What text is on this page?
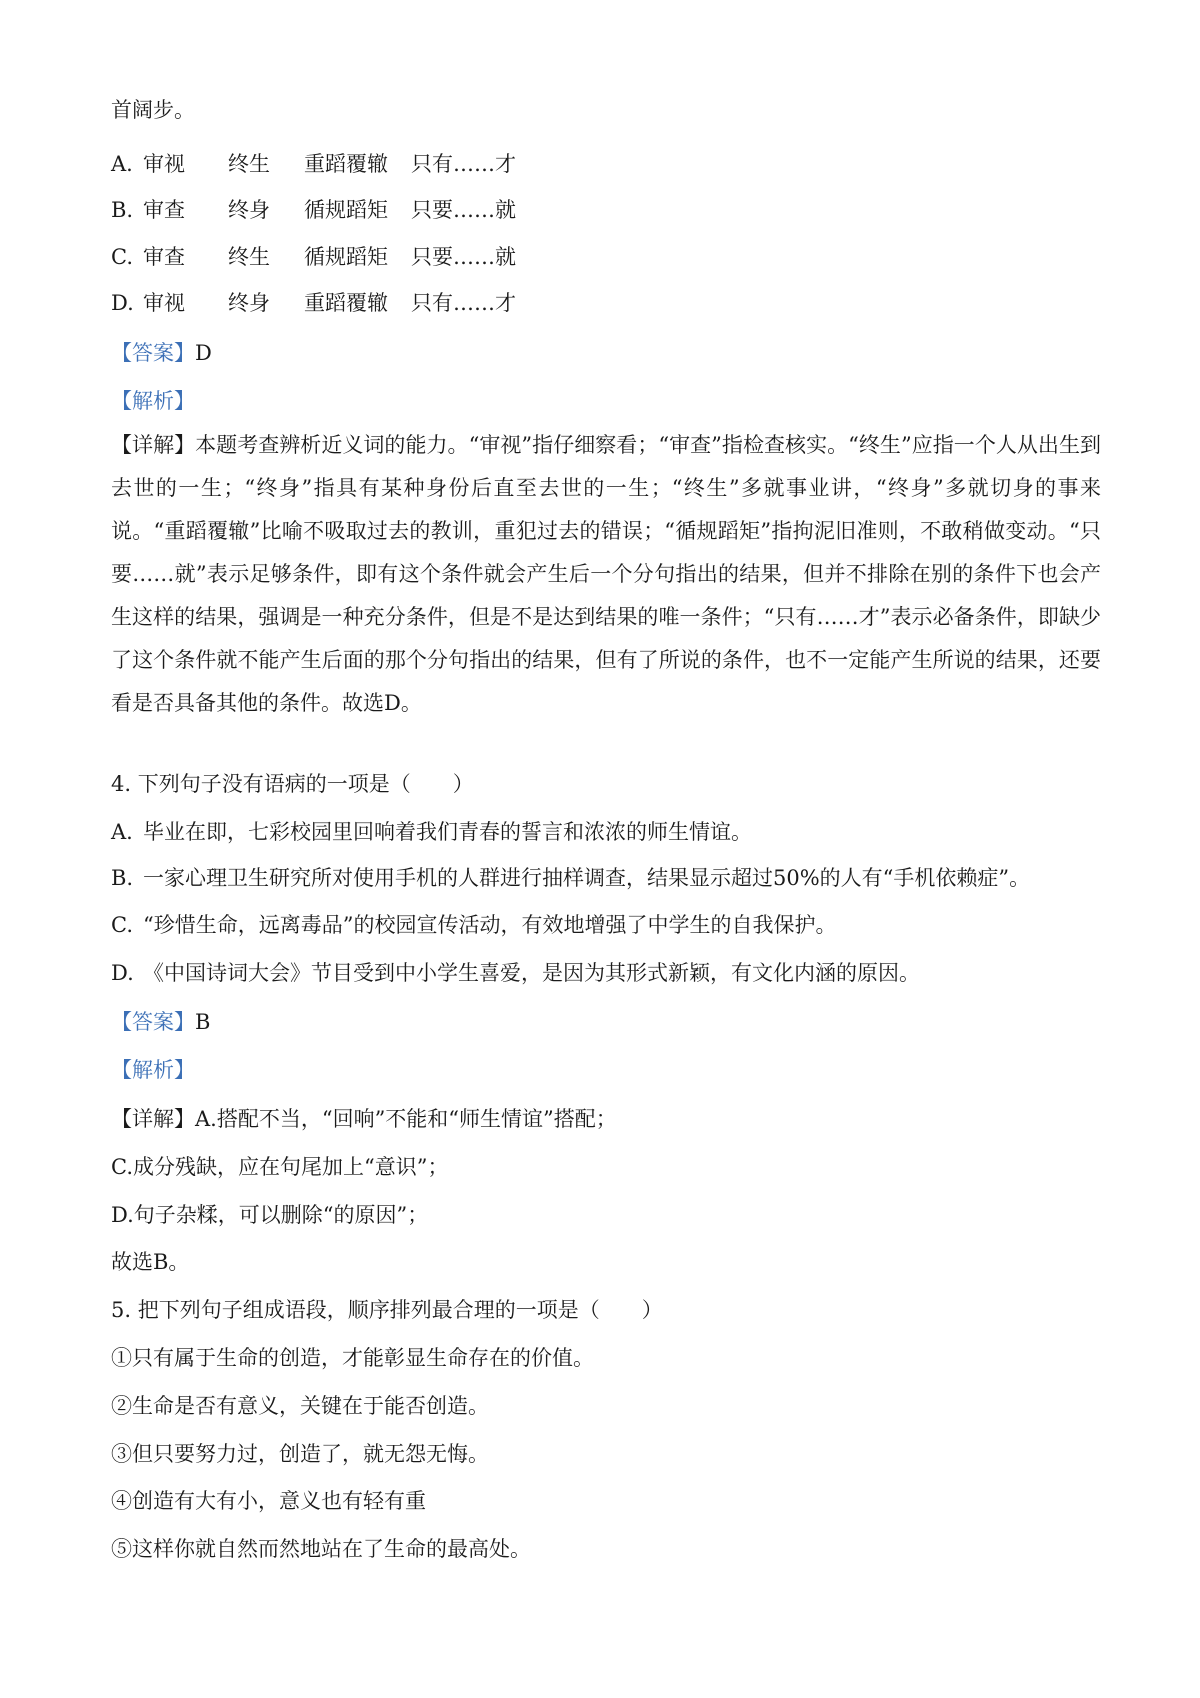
首阔步。
A. 审视 终生 重蹈覆辙 只有……才
B. 审查 终身 循规蹈矩 只要……就
C. 审查 终生 循规蹈矩 只要……就
D. 审视 终身 重蹈覆辙 只有……才
【答案】D
【解析】
【详解】本题考查辨析近义词的能力。“审视”指仔细察看；“审查”指检查核实。“终生”应指一个人从出生到去世的一生；“终身”指具有某种身份后直至去世的一生；“终生”多就事业讲，“终身”多就切身的事来说。“重蹈覆辙”比喻不吸取过去的教训，重犯过去的错误；“循规蹈矩”指拘泥旧准则，不敢稍做变动。“只要……就”表示足够条件，即有这个条件就会产生后一个分句指出的结果，但并不排除在别的条件下也会产生这样的结果，强调是一种充分条件，但是不是达到结果的唯一条件；“只有……才”表示必备条件，即缺少了这个条件就不能产生后面的那个分句指出的结果，但有了所说的条件，也不一定能产生所说的结果，还要看是否具备其他的条件。故选D。
4. 下列句子没有语病的一项是（　　）
A. 毕业在即，七彩校园里回响着我们青春的誓言和浓浓的师生情谊。
B. 一家心理卫生研究所对使用手机的人群进行抽样调查，结果显示超过50%的人有“手机依赖症”。
C. “珍惜生命，远离毒品”的校园宣传活动，有效地增强了中学生的自我保护。
D. 《中国诗词大会》节目受到中小学生喜爱，是因为其形式新颖，有文化内涵的原因。
【答案】B
【解析】
【详解】A.搭配不当，“回响”不能和“师生情谊”搭配；
C.成分残缺，应在句尾加上“意识”；
D.句子杂糅，可以删除“的原因”；
故选B。
5. 把下列句子组成语段，顺序排列最合理的一项是（　　）
①只有属于生命的创造，才能彰显生命存在的价值。
②生命是否有意义，关键在于能否创造。
③但只要努力过，创造了，就无怨无悔。
④创造有大有小，意义也有轻有重
⑤这样你就自然而然地站在了生命的最高处。
